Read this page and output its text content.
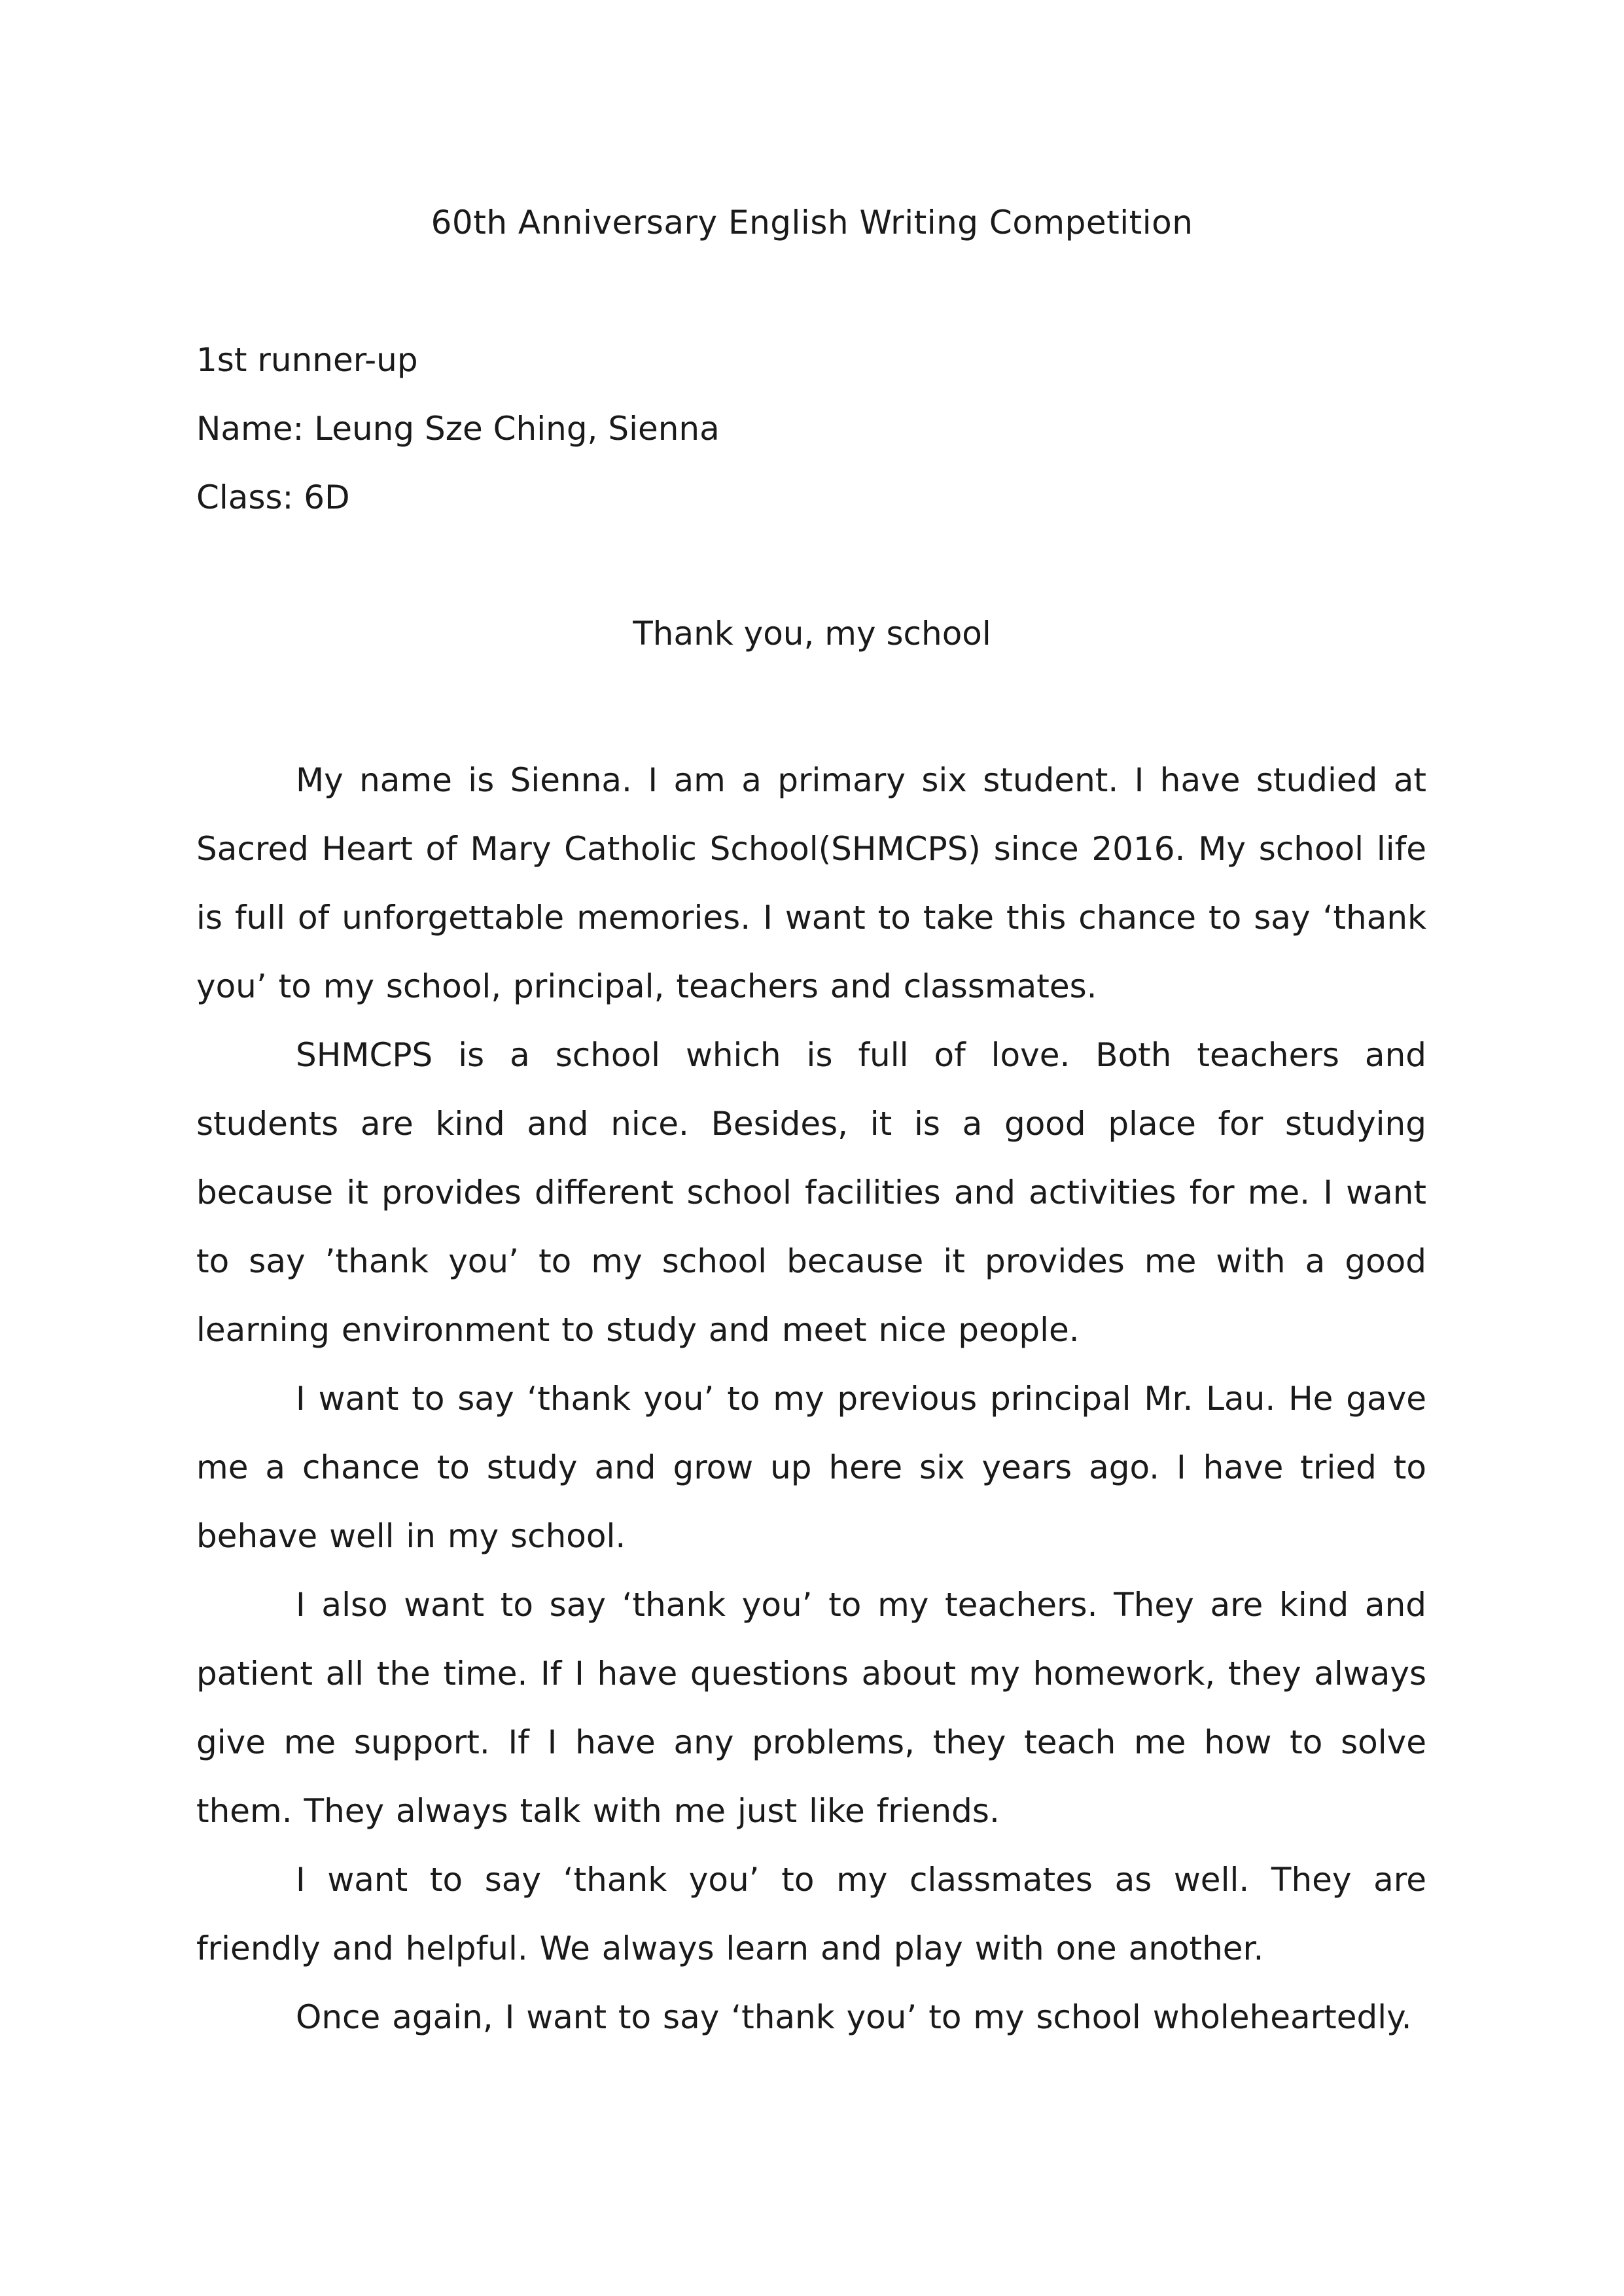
60th Anniversary English Writing Competition
1st runner-up
Name: Leung Sze Ching, Sienna
Class: 6D
Thank you, my school

My name is Sienna. I am a primary six student. I have studied at Sacred Heart of Mary Catholic School(SHMCPS) since 2016. My school life is full of unforgettable memories. I want to take this chance to say ‘thank you’ to my school, principal, teachers and classmates.

SHMCPS is a school which is full of love. Both teachers and students are kind and nice. Besides, it is a good place for studying because it provides different school facilities and activities for me. I want to say ’thank you’ to my school because it provides me with a good learning environment to study and meet nice people.

I want to say ‘thank you’ to my previous principal Mr. Lau. He gave me a chance to study and grow up here six years ago. I have tried to behave well in my school.

I also want to say ‘thank you’ to my teachers. They are kind and patient all the time. If I have questions about my homework, they always give me support. If I have any problems, they teach me how to solve them. They always talk with me just like friends.

I want to say ‘thank you’ to my classmates as well. They are friendly and helpful. We always learn and play with one another.

Once again, I want to say ‘thank you’ to my school wholeheartedly.
